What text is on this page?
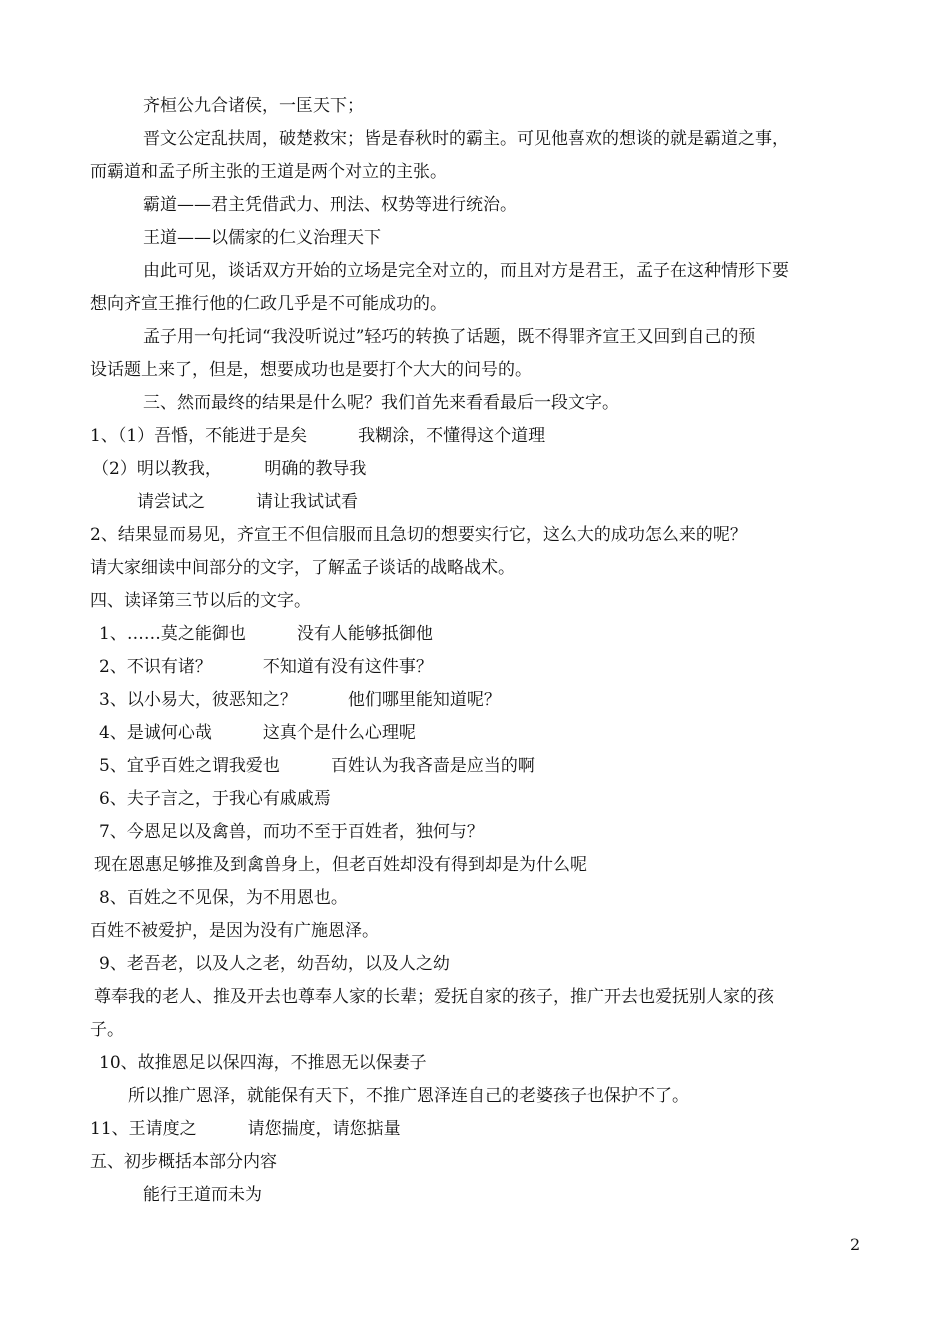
齐桓公九合诸侯，一匡天下；
晋文公定乱扶周，破楚救宋；皆是春秋时的霸主。可见他喜欢的想谈的就是霸道之事，
而霸道和孟子所主张的王道是两个对立的主张。
霸道——君主凭借武力、刑法、权势等进行统治。
王道——以儒家的仁义治理天下
由此可见，谈话双方开始的立场是完全对立的，而且对方是君王，孟子在这种情形下要
想向齐宣王推行他的仁政几乎是不可能成功的。
孟子用一句托词“我没听说过”轻巧的转换了话题，既不得罪齐宣王又回到自己的预
设话题上来了，但是，想要成功也是要打个大大的问号的。
三、然而最终的结果是什么呢？我们首先来看看最后一段文字。
1、（1）吾惛，不能进于是矣　　　我糊涂，不懂得这个道理
（2）明以教我，　　　明确的教导我
请尝试之　　　请让我试试看
2、结果显而易见，齐宣王不但信服而且急切的想要实行它，这么大的成功怎么来的呢？
请大家细读中间部分的文字，了解孟子谈话的战略战术。
四、读译第三节以后的文字。
1、……莫之能御也　　　没有人能够抵御他
2、不识有诸？　　　不知道有没有这件事？
3、以小易大，彼恶知之？　　　他们哪里能知道呢？
4、是诚何心哉　　　这真个是什么心理呢
5、宜乎百姓之谓我爱也　　　百姓认为我吝啬是应当的啊
6、夫子言之，于我心有戚戚焉
7、今恩足以及禽兽，而功不至于百姓者，独何与？
现在恩惠足够推及到禽兽身上，但老百姓却没有得到却是为什么呢
8、百姓之不见保，为不用恩也。
百姓不被爱护，是因为没有广施恩泽。
9、老吾老，以及人之老，幼吾幼，以及人之幼
尊奉我的老人、推及开去也尊奉人家的长辈；爱抚自家的孩子，推广开去也爱抚别人家的孩
子。
10、故推恩足以保四海，不推恩无以保妻子
所以推广恩泽，就能保有天下，不推广恩泽连自己的老婆孩子也保护不了。
11、王请度之　　　请您揣度，请您掂量
五、初步概括本部分内容
能行王道而未为
2
